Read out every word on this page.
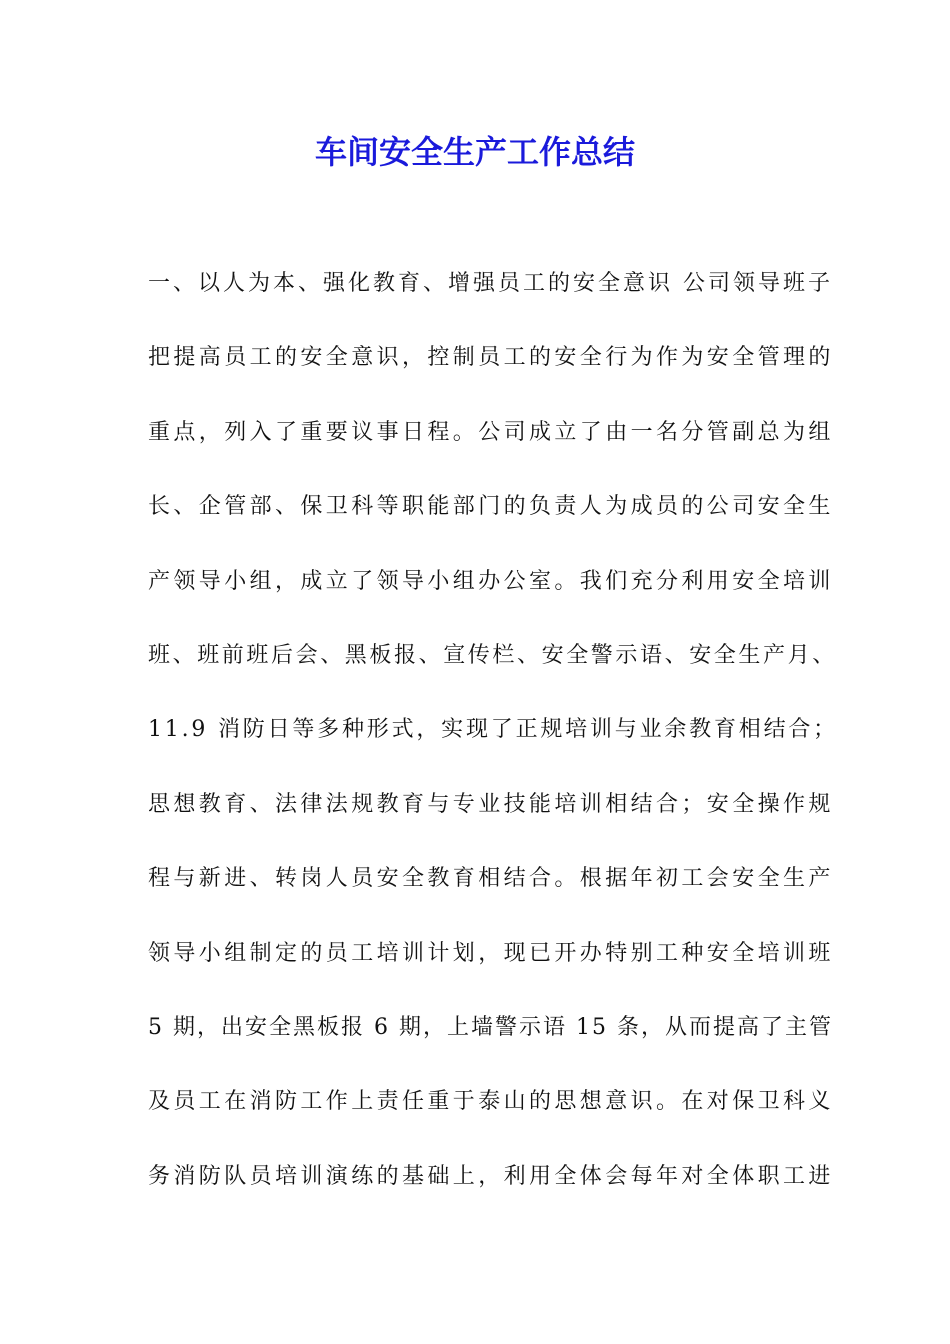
车间安全生产工作总结
一、以人为本、强化教育、增强员工的安全意识 公司领导班子
把提高员工的安全意识，控制员工的安全行为作为安全管理的
重点，列入了重要议事日程。公司成立了由一名分管副总为组
长、企管部、保卫科等职能部门的负责人为成员的公司安全生
产领导小组，成立了领导小组办公室。我们充分利用安全培训
班、班前班后会、黑板报、宣传栏、安全警示语、安全生产月、
11.9 消防日等多种形式，实现了正规培训与业余教育相结合；
思想教育、法律法规教育与专业技能培训相结合；安全操作规
程与新进、转岗人员安全教育相结合。根据年初工会安全生产
领导小组制定的员工培训计划，现已开办特别工种安全培训班
5 期，出安全黑板报 6 期，上墙警示语 15 条，从而提高了主管
及员工在消防工作上责任重于泰山的思想意识。在对保卫科义
务消防队员培训演练的基础上，利用全体会每年对全体职工进
